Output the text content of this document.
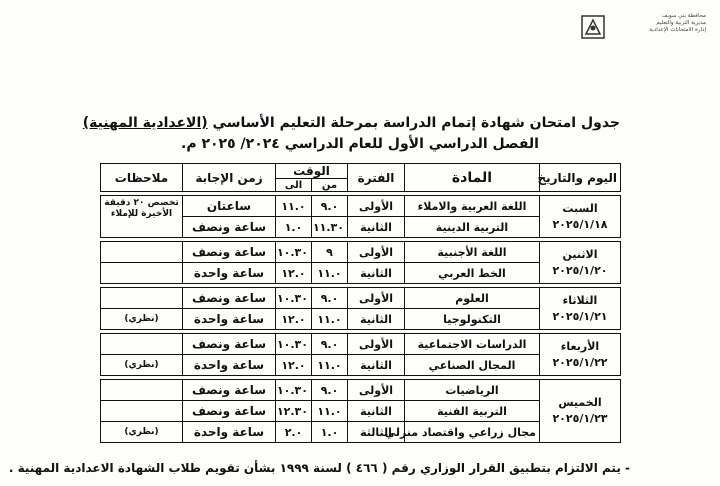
محافظة بني سويف
مديرية التربية والتعليم
إدارة الامتحانات الإعدادية
جدول امتحان شهادة إتمام الدراسة بمرحلة التعليم الأساسي (الاعدادية المهنية)
الفصل الدراسي الأول للعام الدراسي ٢٠٢٤/ ٢٠٢٥ م.
اليوم والتاريخ	المادة	الفترة	الوقت		زمن الإجابة	ملاحظات
			من	الى		

السبت
٢٠٢٥/١/١٨	اللغة العربية والاملاء	الأولى	٩.٠	١١.٠	ساعتان	تخصص ٢٠ دقيقة الأخيرة للإملاء
	التربية الدينية	الثانية	١١.٣٠	١.٠	ساعة ونصف	

الاثنين
٢٠٢٥/١/٢٠	اللغة الأجنبية	الأولى	٩	١٠.٣٠	ساعة ونصف	
	الخط العربي	الثانية	١١.٠	١٢.٠	ساعة واحدة	

الثلاثاء
٢٠٢٥/١/٢١	العلوم	الأولى	٩.٠	١٠.٣٠	ساعة ونصف	
	التكنولوجيا	الثانية	١١.٠	١٢.٠	ساعة واحدة	(نظري)

الأربعاء
٢٠٢٥/١/٢٢	الدراسات الاجتماعية	الأولى	٩.٠	١٠.٣٠	ساعة ونصف	
	المجال الصناعي	الثانية	١١.٠	١٢.٠	ساعة واحدة	(نظري)

الخميس
٢٠٢٥/١/٢٣	الرياضيات	الأولى	٩.٠	١٠.٣٠	ساعة ونصف	
	التربية الفنية	الثانية	١١.٠	١٢.٣٠	ساعة ونصف	
	مجال زراعي واقتصاد منزلي	الثالثة	١.٠	٢.٠	ساعة واحدة	(نظري)
- يتم الالتزام بتطبيق القرار الوزاري رقم ( ٤٦٦ ) لسنة ١٩٩٩ بشأن تقويم طلاب الشهادة الاعدادية المهنية .
